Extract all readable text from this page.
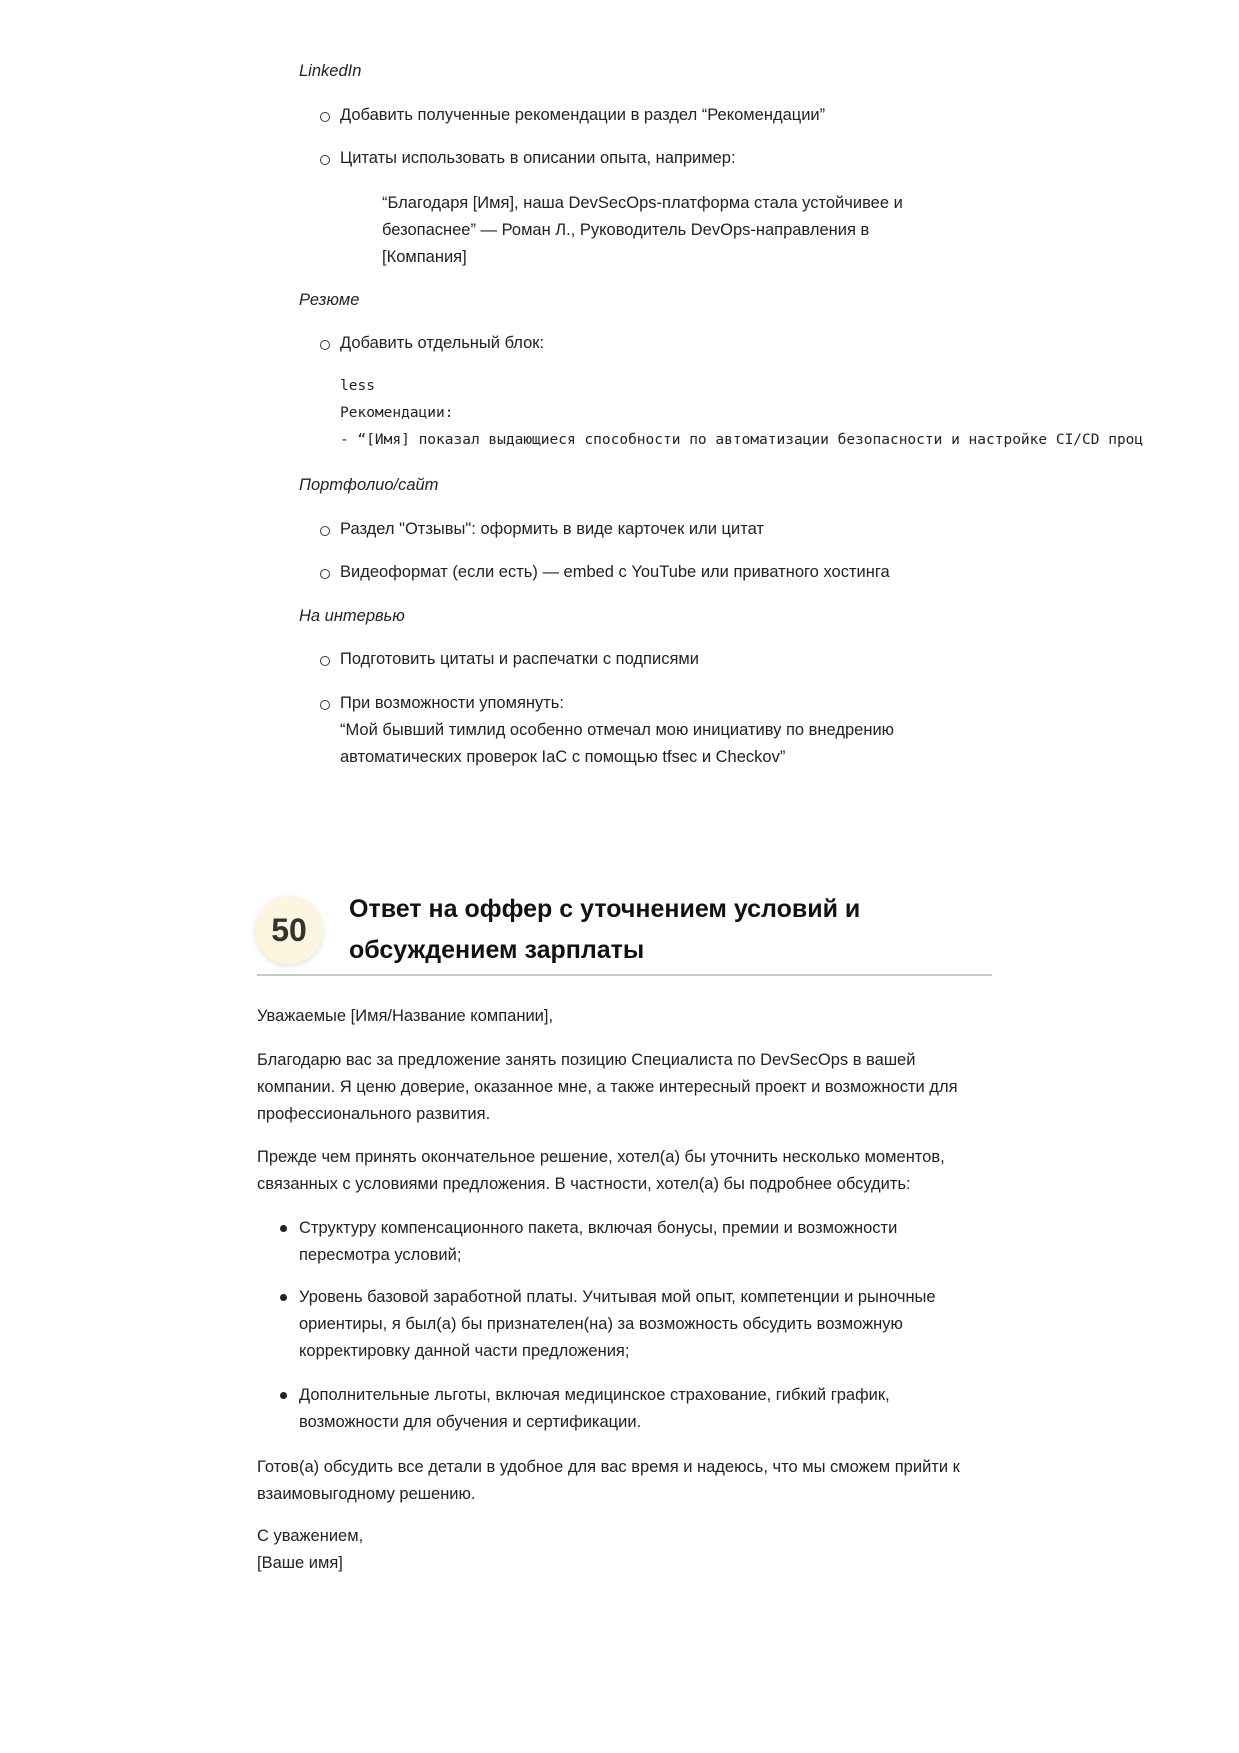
LinkedIn
Добавить полученные рекомендации в раздел “Рекомендации”
Цитаты использовать в описании опыта, например:
“Благодаря [Имя], наша DevSecOps-платформа стала устойчивее и
безопаснее” — Роман Л., Руководитель DevOps-направления в
[Компания]
Резюме
Добавить отдельный блок:
less
Рекомендации:
- “[Имя] показал выдающиеся способности по автоматизации безопасности и настройке CI/CD проц
Портфолио/сайт
Раздел "Отзывы": оформить в виде карточек или цитат
Видеоформат (если есть) — embed с YouTube или приватного хостинга
На интервью
Подготовить цитаты и распечатки с подписями
При возможности упомянуть:
“Мой бывший тимлид особенно отмечал мою инициативу по внедрению
автоматических проверок IaC с помощью tfsec и Checkov”
50
Ответ на оффер с уточнением условий и
обсуждением зарплаты
Уважаемые [Имя/Название компании],
Благодарю вас за предложение занять позицию Специалиста по DevSecOps в вашей
компании. Я ценю доверие, оказанное мне, а также интересный проект и возможности для
профессионального развития.
Прежде чем принять окончательное решение, хотел(а) бы уточнить несколько моментов,
связанных с условиями предложения. В частности, хотел(а) бы подробнее обсудить:
Структуру компенсационного пакета, включая бонусы, премии и возможности
пересмотра условий;
Уровень базовой заработной платы. Учитывая мой опыт, компетенции и рыночные
ориентиры, я был(а) бы признателен(на) за возможность обсудить возможную
корректировку данной части предложения;
Дополнительные льготы, включая медицинское страхование, гибкий график,
возможности для обучения и сертификации.
Готов(а) обсудить все детали в удобное для вас время и надеюсь, что мы сможем прийти к
взаимовыгодному решению.
С уважением,
[Ваше имя]
